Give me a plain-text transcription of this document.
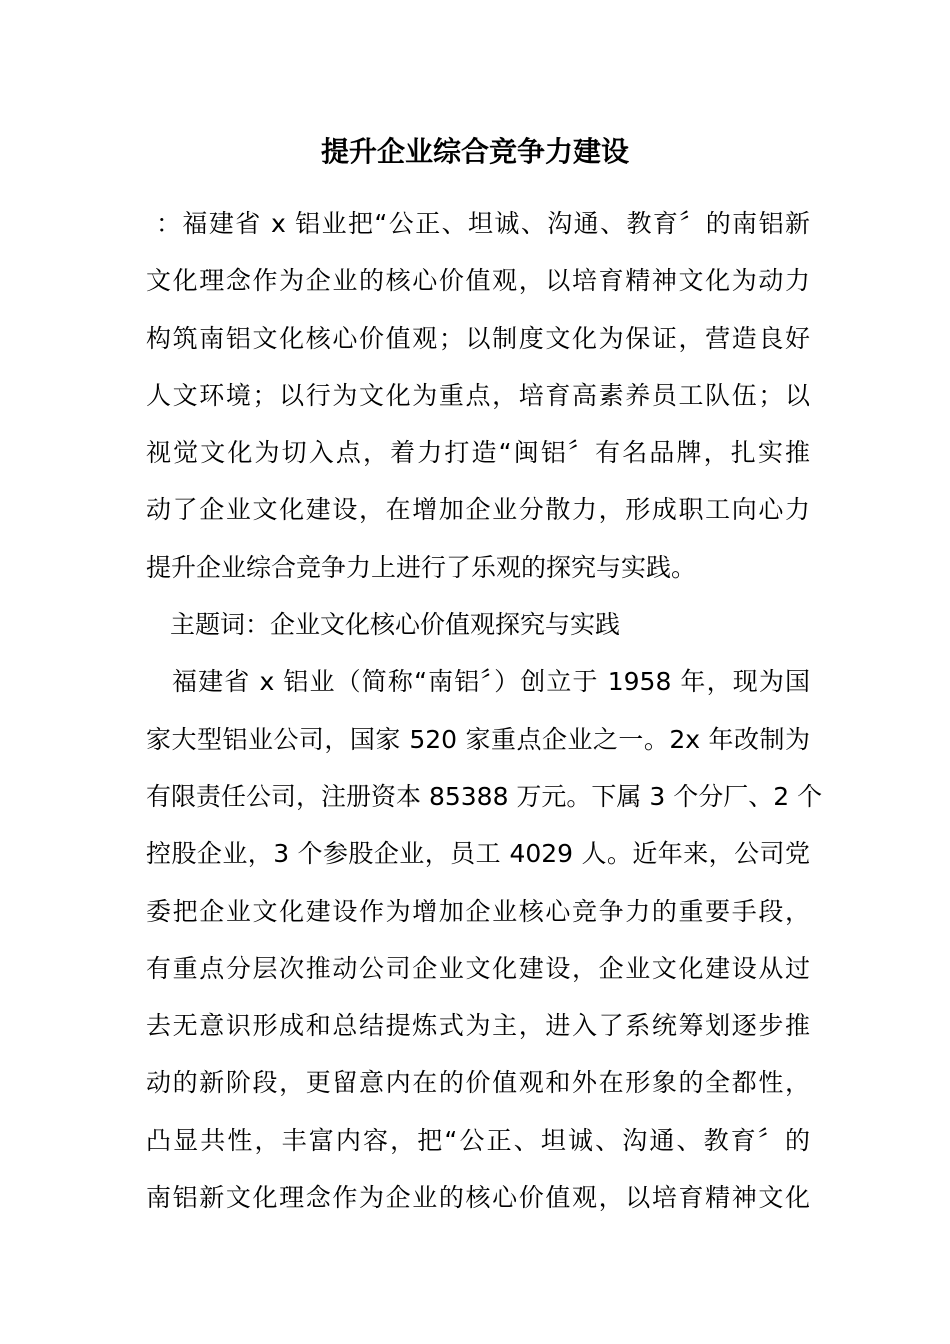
提升企业综合竞争力建设
：福建省 x 铝业把“公正、坦诚、沟通、教育〞的南铝新
文化理念作为企业的核心价值观，以培育精神文化为动力
构筑南铝文化核心价值观；以制度文化为保证，营造良好
人文环境；以行为文化为重点，培育高素养员工队伍；以
视觉文化为切入点，着力打造“闽铝〞有名品牌，扎实推
动了企业文化建设，在增加企业分散力，形成职工向心力
提升企业综合竞争力上进行了乐观的探究与实践。
主题词：企业文化核心价值观探究与实践
福建省 x 铝业（简称“南铝〞）创立于 1958 年，现为国
家大型铝业公司，国家 520 家重点企业之一。2x 年改制为
有限责任公司，注册资本 85388 万元。下属 3 个分厂、2 个
控股企业，3 个参股企业，员工 4029 人。近年来，公司党
委把企业文化建设作为增加企业核心竞争力的重要手段，
有重点分层次推动公司企业文化建设，企业文化建设从过
去无意识形成和总结提炼式为主，进入了系统筹划逐步推
动的新阶段，更留意内在的价值观和外在形象的全都性，
凸显共性，丰富内容，把“公正、坦诚、沟通、教育〞的
南铝新文化理念作为企业的核心价值观，以培育精神文化
